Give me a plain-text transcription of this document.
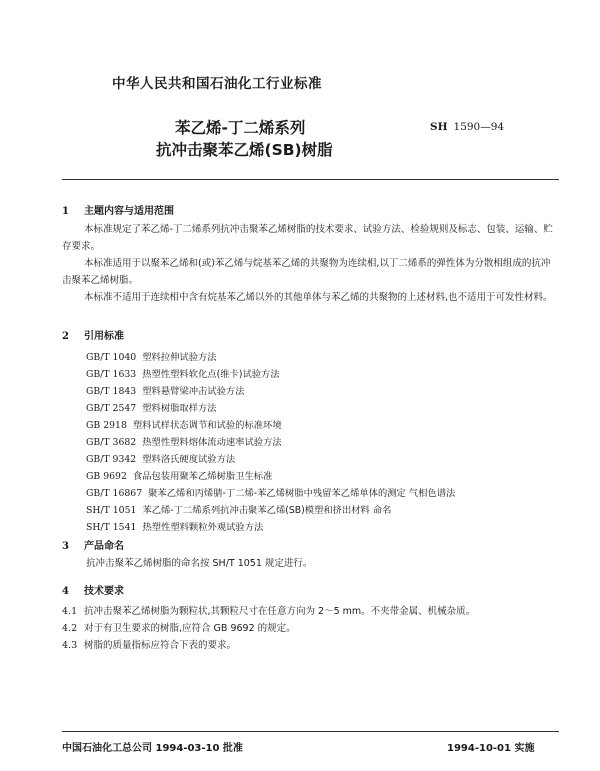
中华人民共和国石油化工行业标准
苯乙烯-丁二烯系列
抗冲击聚苯乙烯(SB)树脂
SH 1590—94
1 主题内容与适用范围
本标准规定了苯乙烯-丁二烯系列抗冲击聚苯乙烯树脂的技术要求、试验方法、检验规则及标志、包装、运输、贮存要求。
本标准适用于以聚苯乙烯和(或)苯乙烯与烷基苯乙烯的共聚物为连续相,以丁二烯系的弹性体为分散相组成的抗冲击聚苯乙烯树脂。
本标准不适用于连续相中含有烷基苯乙烯以外的其他单体与苯乙烯的共聚物的上述材料,也不适用于可发性材料。
2 引用标准
GB/T 1040 塑料拉伸试验方法
GB/T 1633 热塑性塑料软化点(维卡)试验方法
GB/T 1843 塑料悬臂梁冲击试验方法
GB/T 2547 塑料树脂取样方法
GB 2918 塑料试样状态调节和试验的标准环境
GB/T 3682 热塑性塑料熔体流动速率试验方法
GB/T 9342 塑料洛氏硬度试验方法
GB 9692 食品包装用聚苯乙烯树脂卫生标准
GB/T 16867 聚苯乙烯和丙烯腈-丁二烯-苯乙烯树脂中残留苯乙烯单体的测定 气相色谱法
SH/T 1051 苯乙烯-丁二烯系列抗冲击聚苯乙烯(SB)模塑和挤出材料 命名
SH/T 1541 热塑性塑料颗粒外观试验方法
3 产品命名
抗冲击聚苯乙烯树脂的命名按 SH/T 1051 规定进行。
4 技术要求
4.1 抗冲击聚苯乙烯树脂为颗粒状,其颗粒尺寸在任意方向为 2～5 mm。不夹带金属、机械杂质。
4.2 对于有卫生要求的树脂,应符合 GB 9692 的规定。
4.3 树脂的质量指标应符合下表的要求。
中国石油化工总公司 1994-03-10 批准	1994-10-01 实施
